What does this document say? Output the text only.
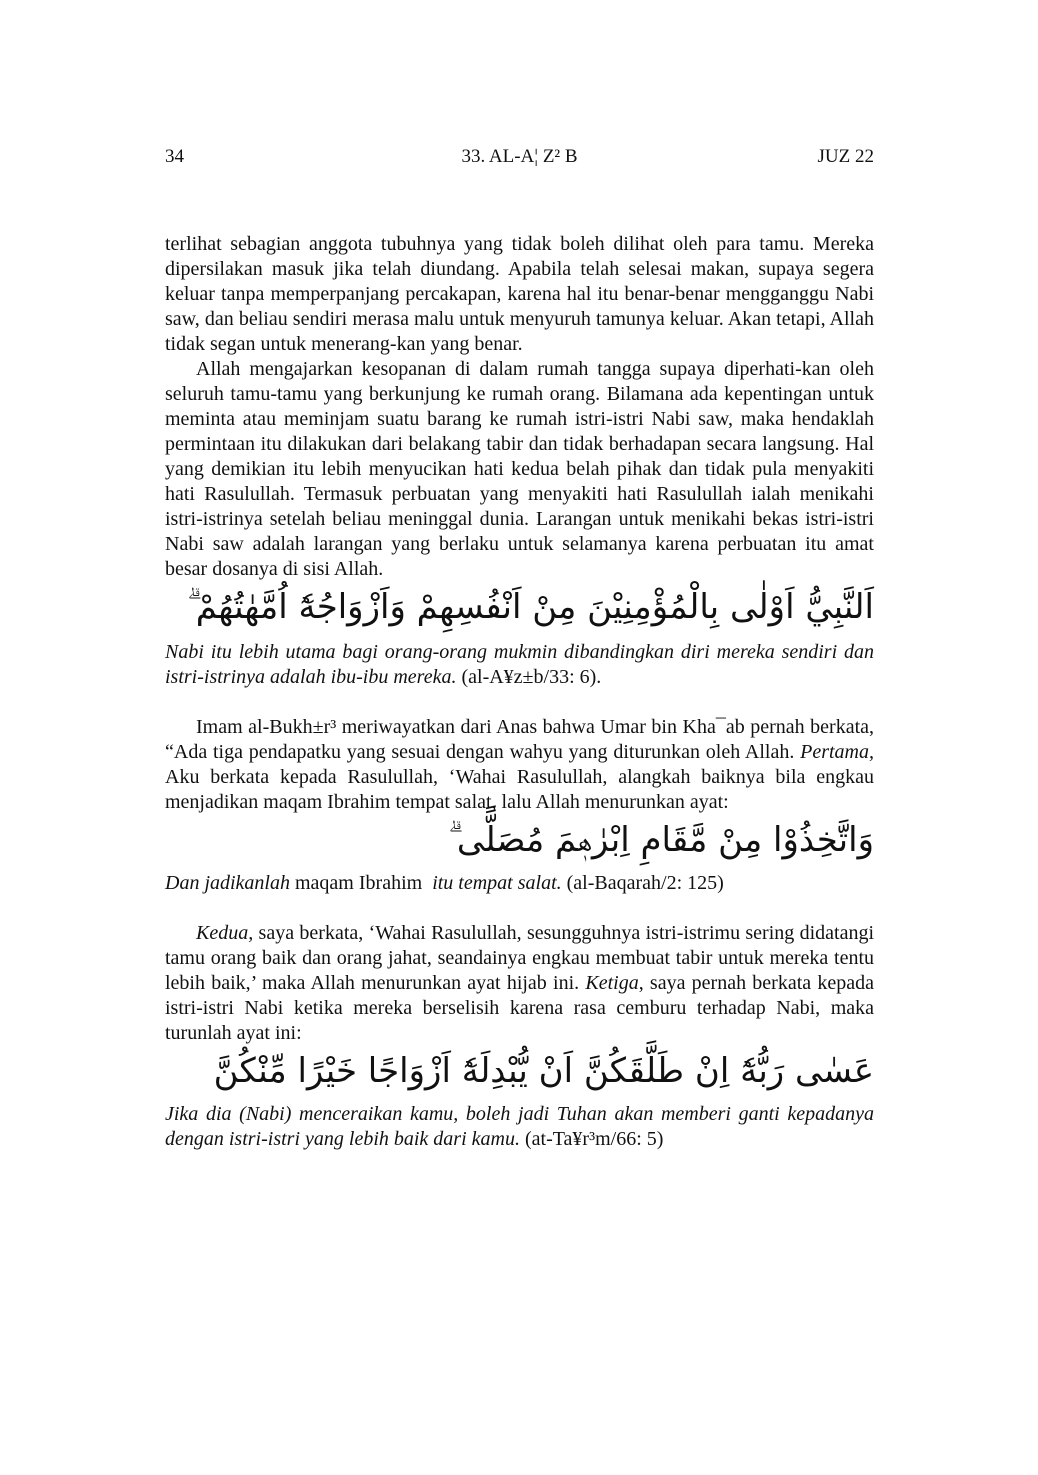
34	33. AL-A¦ Z² B	JUZ 22

terlihat sebagian anggota tubuhnya yang tidak boleh dilihat oleh para tamu. Mereka dipersilakan masuk jika telah diundang. Apabila telah selesai makan, supaya segera keluar tanpa memperpanjang percakapan, karena hal itu benar-benar mengganggu Nabi saw, dan beliau sendiri merasa malu untuk menyuruh tamunya keluar. Akan tetapi, Allah tidak segan untuk menerang-kan yang benar.

Allah mengajarkan kesopanan di dalam rumah tangga supaya diperhati-kan oleh seluruh tamu-tamu yang berkunjung ke rumah orang. Bilamana ada kepentingan untuk meminta atau meminjam suatu barang ke rumah istri-istri Nabi saw, maka hendaklah permintaan itu dilakukan dari belakang tabir dan tidak berhadapan secara langsung. Hal yang demikian itu lebih menyucikan hati kedua belah pihak dan tidak pula menyakiti hati Rasulullah. Termasuk perbuatan yang menyakiti hati Rasulullah ialah menikahi istri-istrinya setelah beliau meninggal dunia. Larangan untuk menikahi bekas istri-istri Nabi saw adalah larangan yang berlaku untuk selamanya karena perbuatan itu amat besar dosanya di sisi Allah.

اَلنَّبِيُّ اَوْلٰى بِالْمُؤْمِنِيْنَ مِنْ اَنْفُسِهِمْ وَاَزْوَاجُهٗٓ اُمَّهٰتُهُمْ ۗ

Nabi itu lebih utama bagi orang-orang mukmin dibandingkan diri mereka sendiri dan istri-istrinya adalah ibu-ibu mereka. (al-A¥z±b/33: 6).

Imam al-Bukh±r³ meriwayatkan dari Anas bahwa Umar bin Kha¯ab pernah berkata, “Ada tiga pendapatku yang sesuai dengan wahyu yang diturunkan oleh Allah. Pertama, Aku berkata kepada Rasulullah, ‘Wahai Rasulullah, alangkah baiknya bila engkau menjadikan maqam Ibrahim tempat salat, lalu Allah menurunkan ayat:

وَاتَّخِذُوْا مِنْ مَّقَامِ اِبْرٰهٖمَ مُصَلًّى ۗ

Dan jadikanlah maqam Ibrahim itu tempat salat. (al-Baqarah/2: 125)

Kedua, saya berkata, ‘Wahai Rasulullah, sesungguhnya istri-istrimu sering didatangi tamu orang baik dan orang jahat, seandainya engkau membuat tabir untuk mereka tentu lebih baik,’ maka Allah menurunkan ayat hijab ini. Ketiga, saya pernah berkata kepada istri-istri Nabi ketika mereka berselisih karena rasa cemburu terhadap Nabi, maka turunlah ayat ini:

عَسٰى رَبُّهٗٓ اِنْ طَلَّقَكُنَّ اَنْ يُّبْدِلَهٗٓ اَزْوَاجًا خَيْرًا مِّنْكُنَّ

Jika dia (Nabi) menceraikan kamu, boleh jadi Tuhan akan memberi ganti kepadanya dengan istri-istri yang lebih baik dari kamu. (at-Ta¥r³m/66: 5)
